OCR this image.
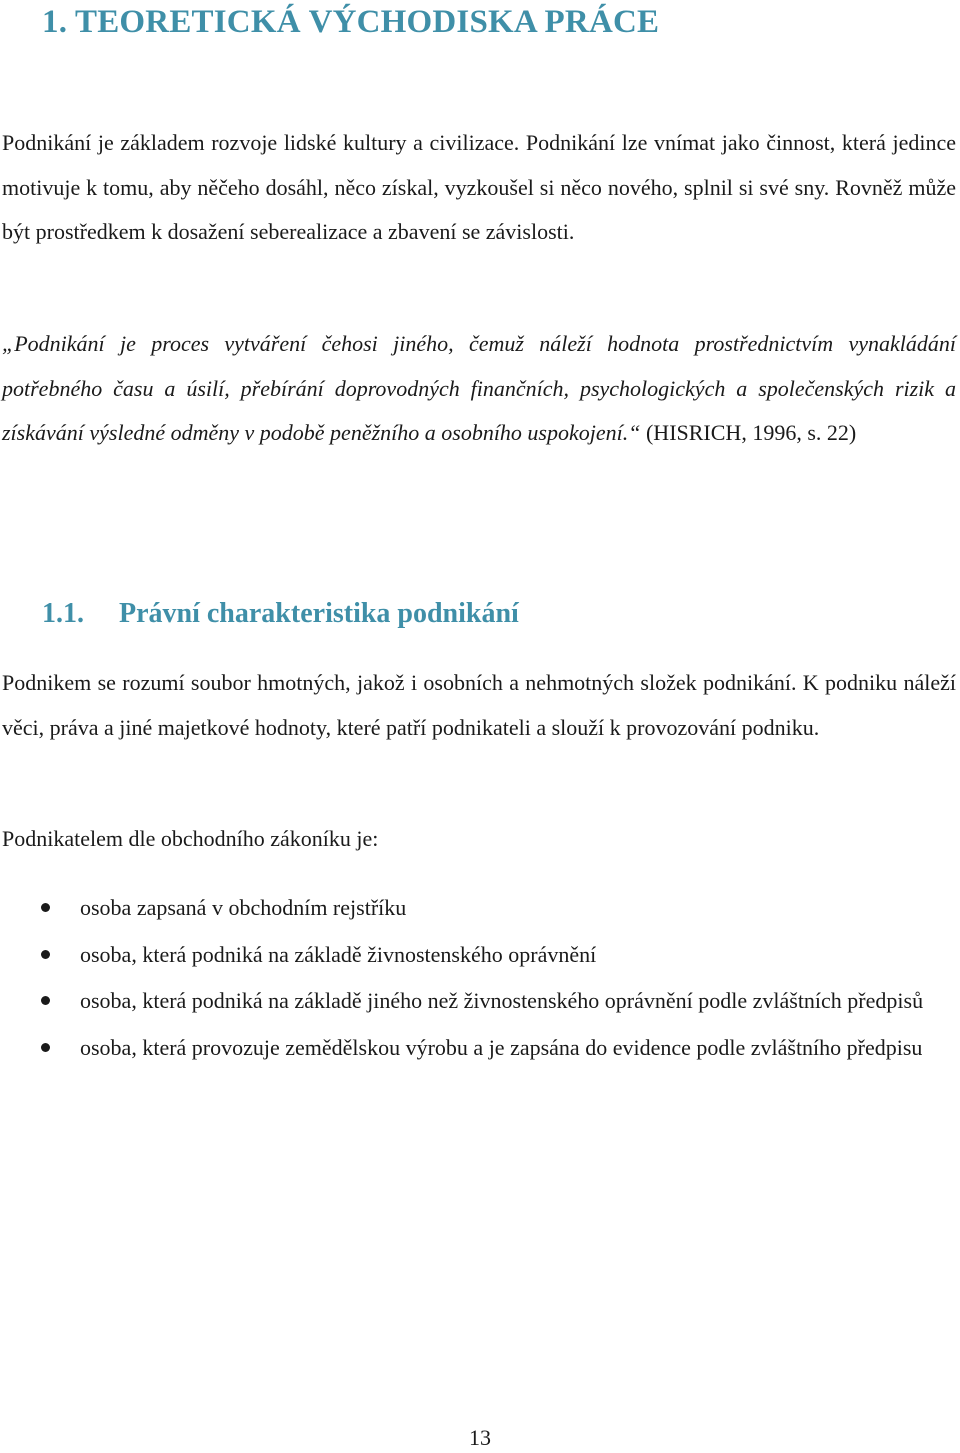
1. TEORETICKÁ VÝCHODISKA PRÁCE

Podnikání je základem rozvoje lidské kultury a civilizace. Podnikání lze vnímat jako činnost, která jedince motivuje k tomu, aby něčeho dosáhl, něco získal, vyzkoušel si něco nového, splnil si své sny. Rovněž může být prostředkem k dosažení seberealizace a zbavení se závislosti.

„Podnikání je proces vytváření čehosi jiného, čemuž náleží hodnota prostřednictvím vynakládání potřebného času a úsilí, přebírání doprovodných finančních, psychologických a společenských rizik a získávání výsledné odměny v podobě peněžního a osobního uspokojení.“ (HISRICH, 1996, s. 22)

1.1. Právní charakteristika podnikání

Podnikem se rozumí soubor hmotných, jakož i osobních a nehmotných složek podnikání. K podniku náleží věci, práva a jiné majetkové hodnoty, které patří podnikateli a slouží k provozování podniku.

Podnikatelem dle obchodního zákoníku je:

osoba zapsaná v obchodním rejstříku
osoba, která podniká na základě živnostenského oprávnění
osoba, která podniká na základě jiného než živnostenského oprávnění podle zvláštních předpisů
osoba, která provozuje zemědělskou výrobu a je zapsána do evidence podle zvláštního předpisu
13
